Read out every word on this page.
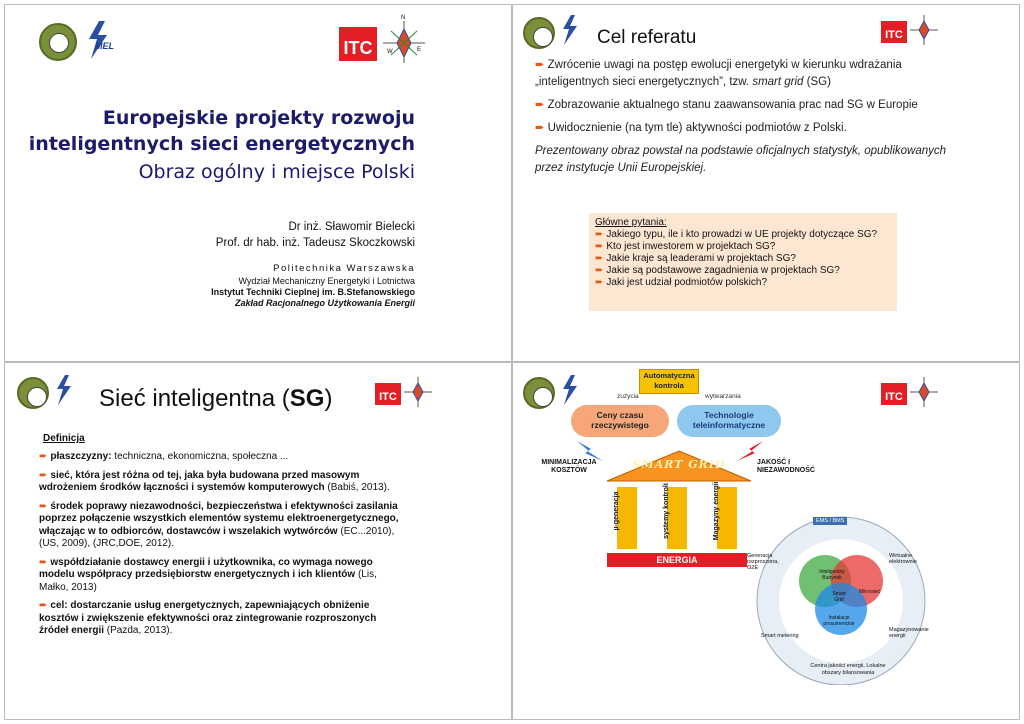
MEL	ITC
N
E
W
Europejskie projekty rozwoju
inteligentnych sieci energetycznych
Obraz ogólny i miejsce Polski
Dr inż. Sławomir Bielecki
Prof. dr hab. inż. Tadeusz Skoczkowski
Politechnika Warszawska
Wydział Mechaniczny Energetyki i Lotnictwa
Instytut Techniki Cieplnej im. B.Stefanowskiego
Zakład Racjonalnego Użytkowania Energii
Cel referatu	ITC

➨ Zwrócenie uwagi na postęp ewolucji energetyki w kierunku wdrażania „inteligentnych sieci energetycznych”, tzw. smart grid (SG)

➨ Zobrazowanie aktualnego stanu zaawansowania prac nad SG w Europie

➨ Uwidocznienie (na tym tle) aktywności podmiotów z Polski.

Prezentowany obraz powstał na podstawie oficjalnych statystyk, opublikowanych przez instytucje Unii Europejskiej.

Główne pytania:
➨ Jakiego typu, ile i kto prowadzi w UE projekty dotyczące SG?
➨ Kto jest inwestorem w projektach SG?
➨ Jakie kraje są leaderami w projektach SG?
➨ Jakie są podstawowe zagadnienia w projektach SG?
➨ Jaki jest udział podmiotów polskich?
Sieć inteligentna (SG)	ITC
Definicja

➨ płaszczyzny: techniczna, ekonomiczna, społeczna ...

➨ sieć, która jest różna od tej, jaka była budowana przed masowym wdrożeniem środków łączności i systemów komputerowych (Babiś, 2013).

➨ środek poprawy niezawodności, bezpieczeństwa i efektywności zasilania poprzez połączenie wszystkich elementów systemu elektroenergetycznego, włączając w to odbiorców, dostawców i wszelakich wytwórców (EC...2010), (US, 2009), (JRC,DOE, 2012).

➨ współdziałanie dostawcy energii i użytkownika, co wymaga nowego modelu współpracy przedsiębiorstw energetycznych i ich klientów (Lis, Małko, 2013)

➨ cel: dostarczanie usług energetycznych, zapewniających obniżenie kosztów i zwiększenie efektywności oraz zintegrowanie rozproszonych źródeł energii (Pazda, 2013).

ITC
Automatyczna kontrola
zużycia	wytwarzania
Ceny czasu rzeczywistego
Technologie teleinformatyczne
MINIMALIZACJA KOSZTÓW
JAKOŚĆ I NIEZAWODNOŚĆ
SMART GRID
µ-generacja	systemy kontroli	Magazyny energii
ENERGIA
EMS / BMS
Generacja rozproszona, OZE
Wirtualne elektrownie
Inteligentny Budynek
Smart Grid
Mikrosieć
Instalacje prosumenckie
Smart metering
Magazynowanie energii
Centra jakości energii, Lokalne obszary bilansowania
